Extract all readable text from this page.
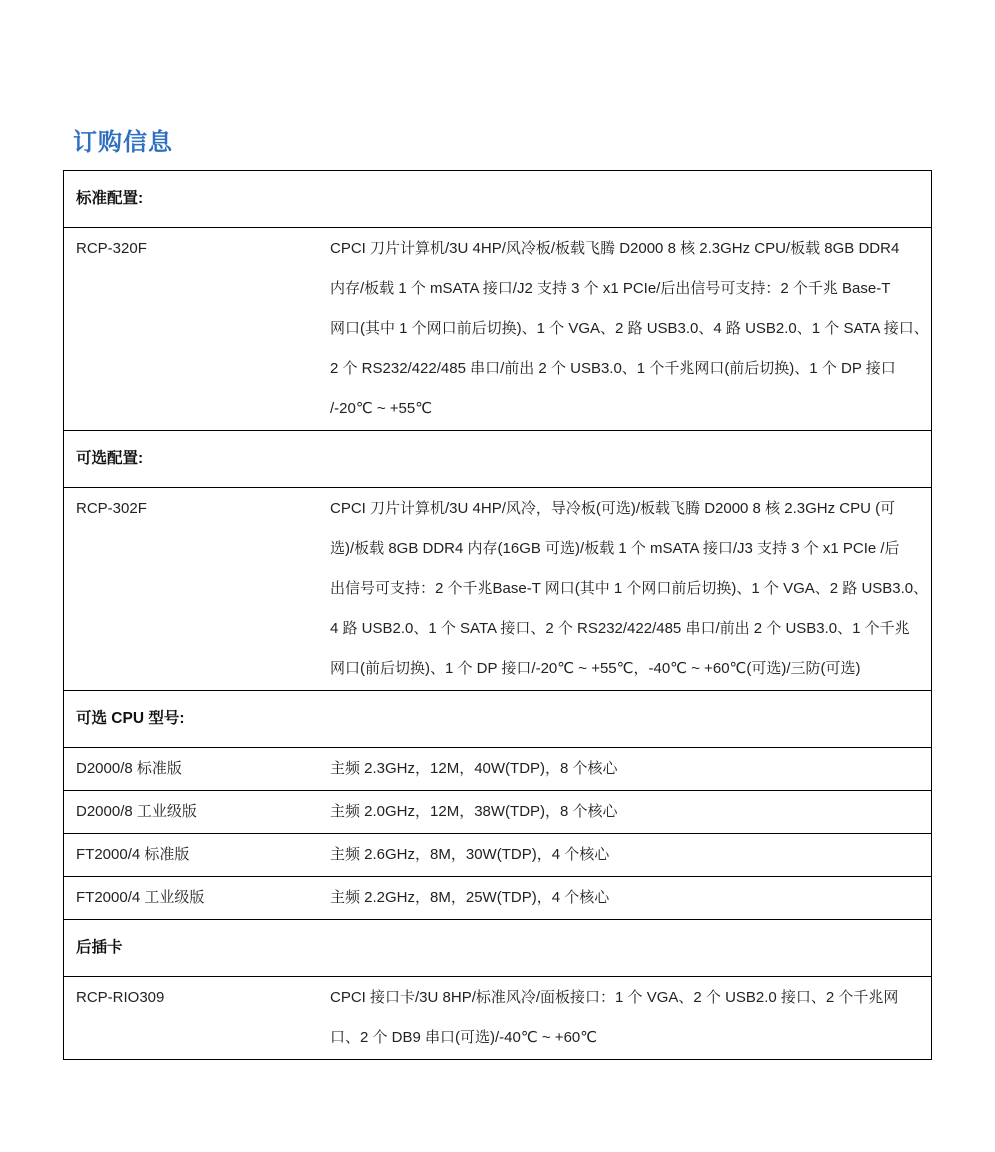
订购信息
标准配置:
RCP-320F	CPCI 刀片计算机/3U 4HP/风冷板/板载飞腾 D2000 8 核 2.3GHz CPU/板载 8GB DDR4
内存/板载 1 个 mSATA 接口/J2 支持 3 个 x1 PCIe/后出信号可支持：2 个千兆 Base-T
网口(其中 1 个网口前后切换)、1 个 VGA、2 路 USB3.0、4 路 USB2.0、1 个 SATA 接口、
2 个 RS232/422/485 串口/前出 2 个 USB3.0、1 个千兆网口(前后切换)、1 个 DP 接口
/-20℃ ~ +55℃
可选配置:
RCP-302F	CPCI 刀片计算机/3U 4HP/风冷，导冷板(可选)/板载飞腾 D2000 8 核 2.3GHz CPU (可
选)/板载 8GB DDR4 内存(16GB 可选)/板载 1 个 mSATA 接口/J3 支持 3 个 x1 PCIe /后
出信号可支持：2 个千兆Base-T 网口(其中 1 个网口前后切换)、1 个 VGA、2 路 USB3.0、
4 路 USB2.0、1 个 SATA 接口、2 个 RS232/422/485 串口/前出 2 个 USB3.0、1 个千兆
网口(前后切换)、1 个 DP 接口/-20℃ ~ +55℃，-40℃ ~ +60℃(可选)/三防(可选)
可选 CPU 型号:
D2000/8 标准版	主频 2.3GHz，12M，40W(TDP)，8 个核心
D2000/8 工业级版	主频 2.0GHz，12M，38W(TDP)，8 个核心
FT2000/4 标准版	主频 2.6GHz，8M，30W(TDP)，4 个核心
FT2000/4 工业级版	主频 2.2GHz，8M，25W(TDP)，4 个核心
后插卡
RCP-RIO309	CPCI 接口卡/3U 8HP/标准风冷/面板接口：1 个 VGA、2 个 USB2.0 接口、2 个千兆网
口、2 个 DB9 串口(可选)/-40℃ ~ +60℃
